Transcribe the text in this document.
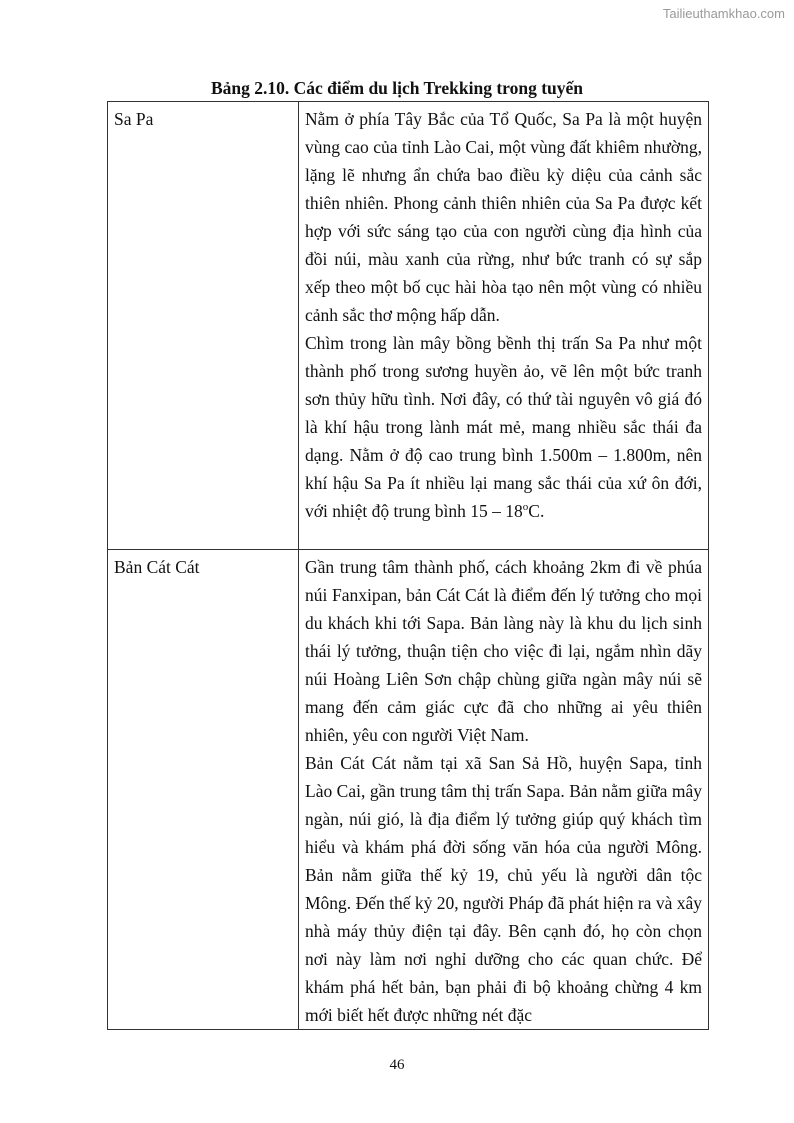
Tailieuthamkhao.com
Bảng 2.10. Các điểm du lịch Trekking trong tuyến
Sa Pa	Nằm ở phía Tây Bắc của Tổ Quốc, Sa Pa là một huyện vùng cao của tỉnh Lào Cai, một vùng đất khiêm nhường, lặng lẽ nhưng ẩn chứa bao điều kỳ diệu của cảnh sắc thiên nhiên. Phong cảnh thiên nhiên của Sa Pa được kết hợp với sức sáng tạo của con người cùng địa hình của đồi núi, màu xanh của rừng, như bức tranh có sự sắp xếp theo một bố cục hài hòa tạo nên một vùng có nhiều cảnh sắc thơ mộng hấp dẫn.

Chìm trong làn mây bồng bềnh thị trấn Sa Pa như một thành phố trong sương huyền ảo, vẽ lên một bức tranh sơn thủy hữu tình. Nơi đây, có thứ tài nguyên vô giá đó là khí hậu trong lành mát mẻ, mang nhiều sắc thái đa dạng. Nằm ở độ cao trung bình 1.500m – 1.800m, nên khí hậu Sa Pa ít nhiều lại mang sắc thái của xứ ôn đới, với nhiệt độ trung bình 15 – 18$^o$C.

Bản Cát Cát	Gần trung tâm thành phố, cách khoảng 2km đi về phúa núi Fanxipan, bản Cát Cát là điểm đến lý tưởng cho mọi du khách khi tới Sapa. Bản làng này là khu du lịch sinh thái lý tưởng, thuận tiện cho việc đi lại, ngắm nhìn dãy núi Hoàng Liên Sơn chập chùng giữa ngàn mây núi sẽ mang đến cảm giác cực đã cho những ai yêu thiên nhiên, yêu con người Việt Nam.

Bản Cát Cát nằm tại xã San Sả Hồ, huyện Sapa, tỉnh Lào Cai, gần trung tâm thị trấn Sapa. Bản nằm giữa mây ngàn, núi gió, là địa điểm lý tưởng giúp quý khách tìm hiểu và khám phá đời sống văn hóa của người Mông. Bản nằm giữa thế kỷ 19, chủ yếu là người dân tộc Mông. Đến thế kỷ 20, người Pháp đã phát hiện ra và xây nhà máy thủy điện tại đây. Bên cạnh đó, họ còn chọn nơi này làm nơi nghỉ dưỡng cho các quan chức. Để khám phá hết bản, bạn phải đi bộ khoảng chừng 4 km mới biết hết được những nét đặc

46
